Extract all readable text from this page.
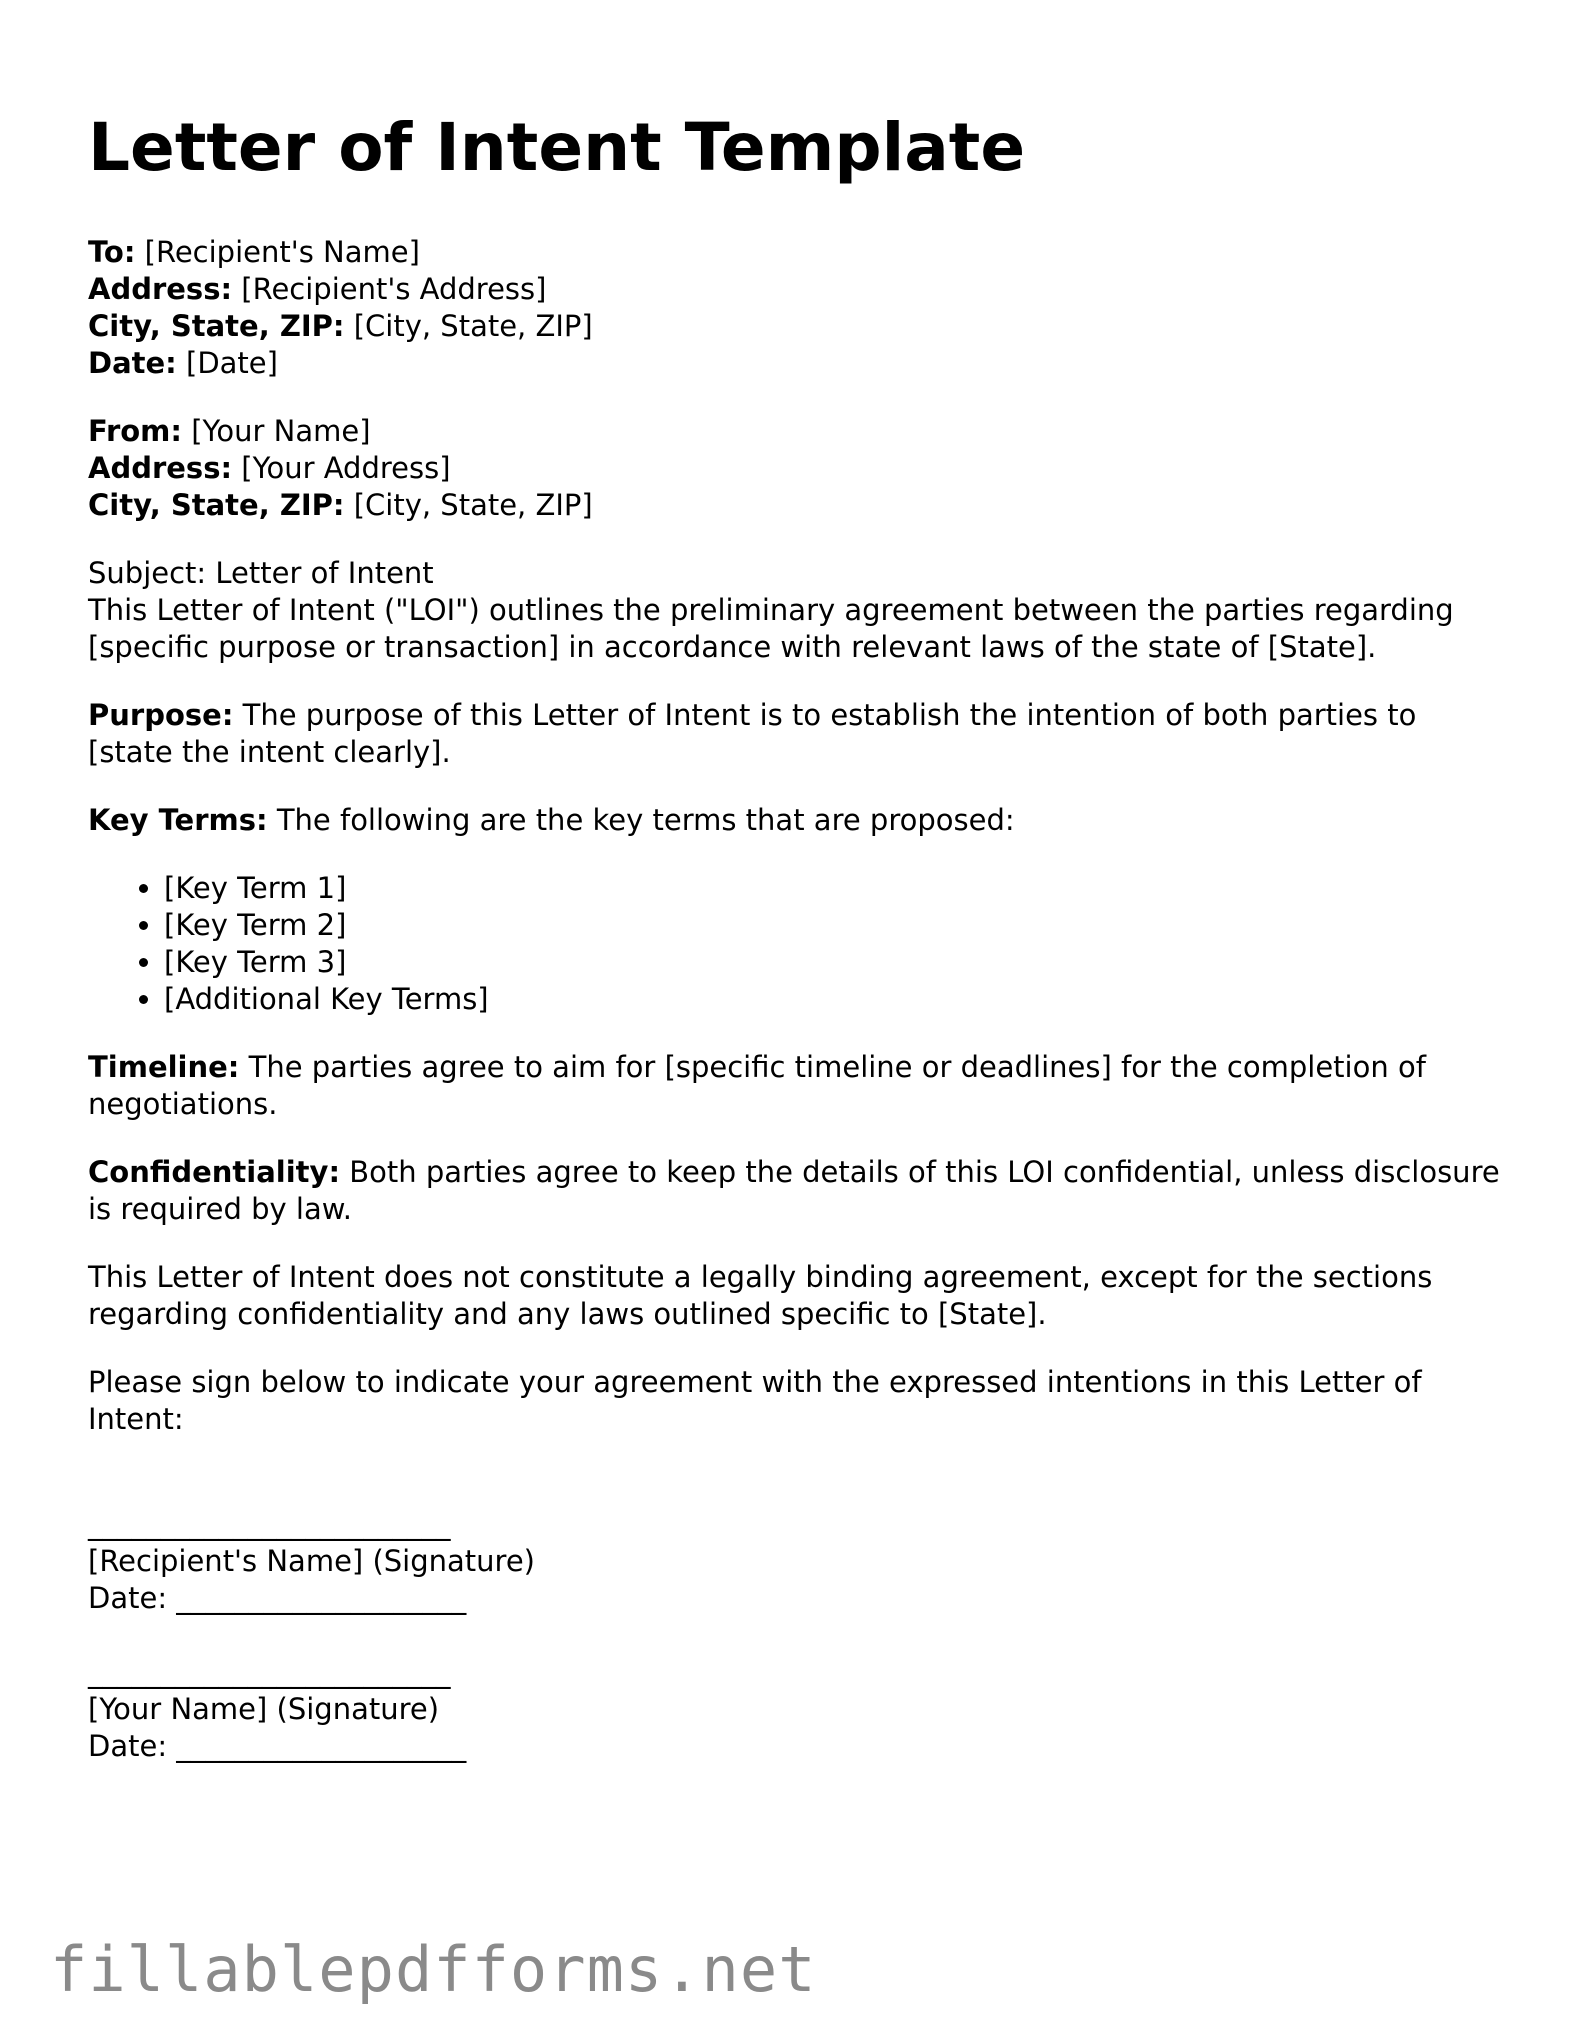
Letter of Intent Template
To: [Recipient's Name]
Address: [Recipient's Address]
City, State, ZIP: [City, State, ZIP]
Date: [Date]
From: [Your Name]
Address: [Your Address]
City, State, ZIP: [City, State, ZIP]

Subject: Letter of Intent
This Letter of Intent ("LOI") outlines the preliminary agreement between the parties regarding [specific purpose or transaction] in accordance with relevant laws of the state of [State].

Purpose: The purpose of this Letter of Intent is to establish the intention of both parties to [state the intent clearly].

Key Terms: The following are the key terms that are proposed:

• [Key Term 1]
• [Key Term 2]
• [Key Term 3]
• [Additional Key Terms]

Timeline: The parties agree to aim for [specific timeline or deadlines] for the completion of negotiations.

Confidentiality: Both parties agree to keep the details of this LOI confidential, unless disclosure is required by law.

This Letter of Intent does not constitute a legally binding agreement, except for the sections regarding confidentiality and any laws outlined specific to [State].

Please sign below to indicate your agreement with the expressed intentions in this Letter of Intent:

_________________________
[Recipient's Name] (Signature)
Date: ____________________
_________________________
[Your Name] (Signature)
Date: ____________________
fillablepdfforms.net
